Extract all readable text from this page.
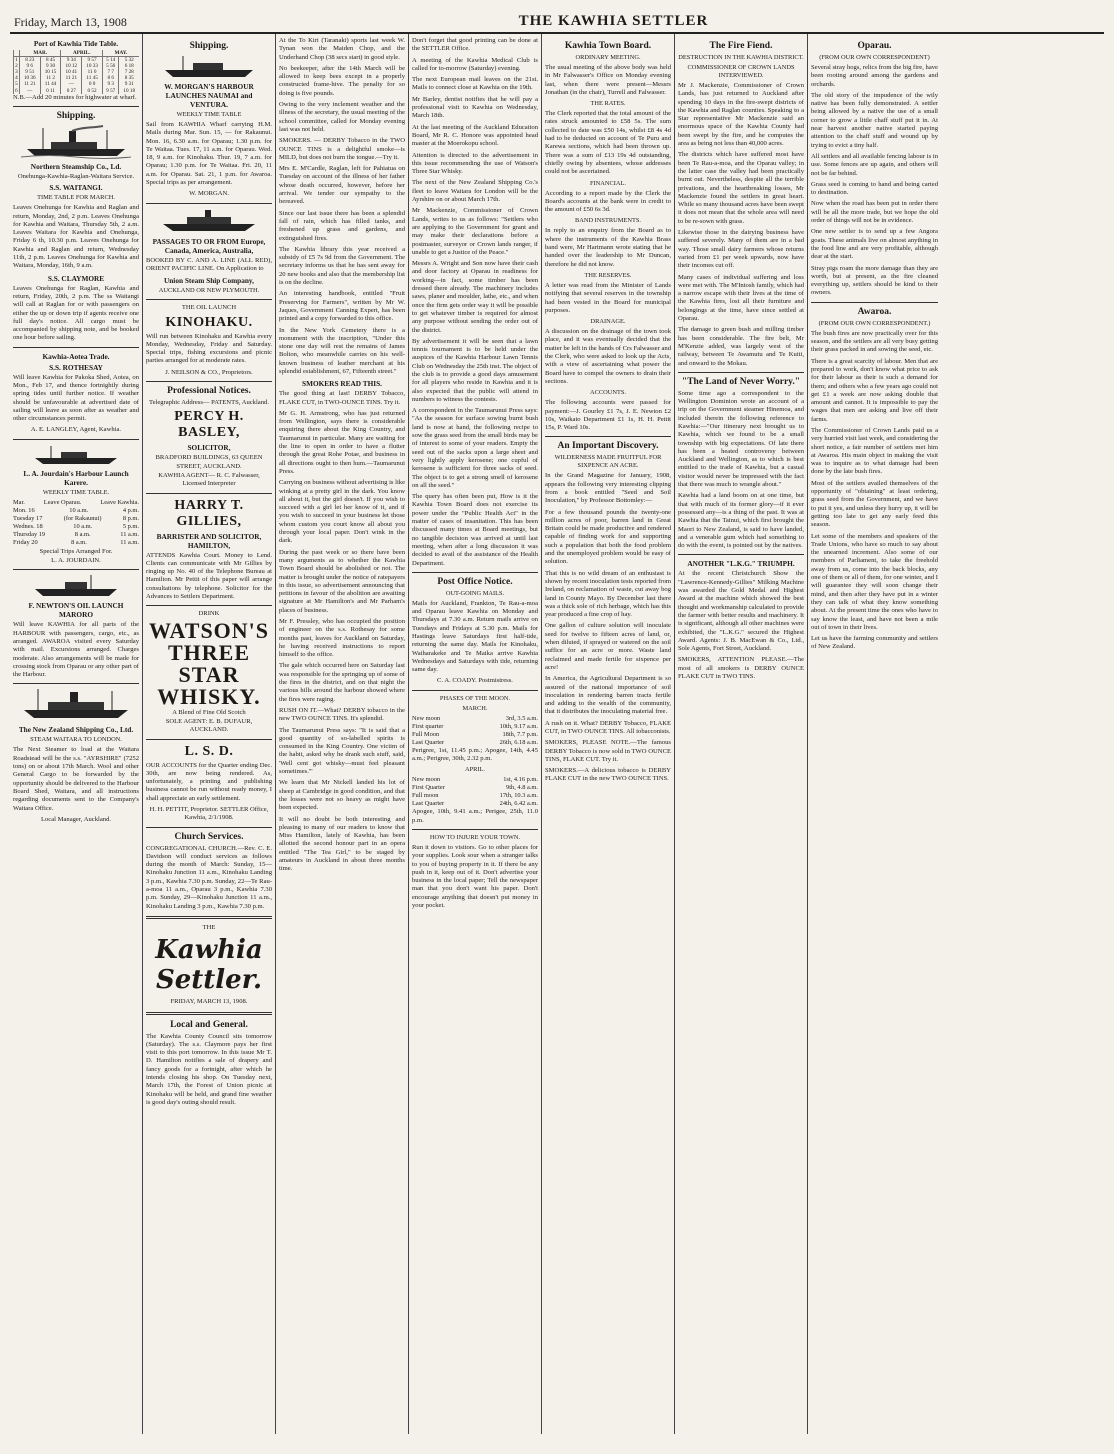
Friday, March 13, 1908	THE KAWHIA SETTLER
Port of Kawhia Tide Table.
	MAR.		APRIL.		MAY.	
1	8 23	8 45	9 34	9 57	5 14	5 32
2	9 6	9 30	10 12	10 33	5 56	6 18
3	9 51	10 15	10 41	11 0	7 7	7 28
4	10 36	11 2	11 21	11 45	8 6	8 35
5	11 21	11 44	—	0 0	9 3	9 31
6	—	0 11	0 27	0 52	9 57	10 18

N.B.—Add 20 minutes for highwater at wharf.

Shipping.
Northern Steamship Co., Ld.
Onehunga-Kawhia-Raglan-Waitara Service.
S.S. WAITANGI.
TIME TABLE FOR MARCH.

Leaves Onehunga for Kawhia and Raglan and return, Monday, 2nd, 2 p.m. Leaves Onehunga for Kawhia and Waitara, Thursday 5th, 2 a.m. Leaves Waitara for Kawhia and Onehunga, Friday 6 th, 10.30 p.m. Leaves Onehunga for Kawhia and Raglan and return, Wednesday 11th, 2 p.m. Leaves Onehunga for Kawhia and Waitara, Monday, 16th, 9 a.m.

S.S. CLAYMORE

Leaves Onehunga for Raglan, Kawhia and return, Friday, 20th, 2 p.m. The ss Waitangi will call at Raglan for or with passengers on either the up or down trip if agents receive one full day's notice. All cargo must be accompanied by shipping note, and be booked one hour before sailing.

Kawhia-Aotea Trade.
S.S. ROTHESAY

Will leave Kawhia for Pakoka Shed, Aotea, on Mon., Feb 17, and thence fortnightly during spring tides until further notice. If weather should be unfavourable at advertised date of sailing will leave as soon after as weather and other circumstances permit.

A. E. LANGLEY, Agent, Kawhia.
L. A. Jourdain's Harbour Launch Karere.
WEEKLY TIME TABLE.
Mar.	Leave Oparau.	Leave Kawhia.
Mon. 16	10 a.m.	4 p.m.
Tuesday 17	(for Rakaunui)	8 p.m.
Wednes. 18	10 a.m.	5 p.m.
Thursday 19	8 a.m.	11 a.m.
Friday 20	8 a.m.	11 a.m.
Special Trips Arranged For.
L. A. JOURDAIN.
F. NEWTON'S OIL LAUNCH MARORO

Will leave KAWHIA for all parts of the HARBOUR with passengers, cargo, etc., as arranged. AWAROA visited every Saturday with mail. Excursions arranged. Charges moderate. Also arrangements will be made for crossing stock from Oparau or any other part of the Harbour.

The New Zealand Shipping Co., Ltd.
STEAM WAITARA TO LONDON.

The Next Steamer to load at the Waitara Roadstead will be the s.s. "AYRSHIRE" (7252 tons) on or about 17th March. Wool and other General Cargo to be forwarded by the opportunity should be delivered to the Harbour Board Shed, Waitara, and all instructions regarding documents sent to the Company's Waitara Office.

Local Manager, Auckland.
Shipping.
W. MORGAN'S HARBOUR LAUNCHES NAUMAI and VENTURA.
WEEKLY TIME TABLE

Sail from KAWHIA Wharf carrying H.M. Mails during Mar. Sun. 15, — for Rakaunui. Mon. 16, 6.30 a.m. for Oparau; 1.30 p.m. for Te Waitaa. Tues. 17, 11 a.m. for Oparau. Wed. 18, 9 a.m. for Kinohaku. Thur. 19, 7 a.m. for Oparau; 1.30 p.m. for Te Waitaa. Fri. 20, 11 a.m. for Oparau. Sat. 21, 1 p.m. for Awaroa. Special trips as per arrangement.

W. MORGAN.
PASSAGES TO OR FROM Europe, Canada, America, Australia,

BOOKED BY C. AND A. LINE (ALL RED), ORIENT PACIFIC LINE. On Application to

Union Steam Ship Company,
AUCKLAND OR NEW PLYMOUTH.
THE OIL LAUNCH
KINOHAKU.

Will run between Kinohaku and Kawhia every Monday, Wednesday, Friday and Saturday. Special trips, fishing excursions and picnic parties arranged for at moderate rates.

J. NEILSON & CO., Proprietors.
Professional Notices.
Telegraphic Address— PATENTS, Auckland.
PERCY H. BASLEY,
SOLICITOR,
BRADFORD BUILDINGS, 63 QUEEN STREET, AUCKLAND.
KAWHIA AGENT— R. C. Falwasser, Licensed Interpreter
HARRY T. GILLIES,
BARRISTER AND SOLICITOR, HAMILTON,

ATTENDS Kawhia Court. Money to Lend. Clients can communicate with Mr Gillies by ringing up No. 40 of the Telephone Bureau at Hamilton. Mr Pettit of this paper will arrange consultations by telephone. Solicitor for the Advances to Settlers Department.

DRINK
WATSON'S
THREE STAR
WHISKY.
A Blend of Fine Old Scotch
SOLE AGENT: E. B. DUFAUR, AUCKLAND.
L. S. D.

OUR ACCOUNTS for the Quarter ending Dec. 30th, are now being rendered. As, unfortunately, a printing and publishing business cannot be run without ready money, I shall appreciate an early settlement.

H. H. PETTIT, Proprietor. SETTLER Office, Kawhia, 2/1/1908.
Church Services.

CONGREGATIONAL CHURCH.—Rev. C. E. Davidson will conduct services as follows during the month of March: Sunday, 15—Kinohaku Junction 11 a.m., Kinohaku Landing 3 p.m., Kawhia 7.30 p.m. Sunday, 22—Te Rau-a-moa 11 a.m., Oparau 3 p.m., Kawhia 7.30 p.m. Sunday, 29—Kinohaku Junction 11 a.m., Kinohaku Landing 3 p.m., Kawhia 7.30 p.m.

THE
Kawhia Settler.
FRIDAY, MARCH 13, 1908.
Local and General.

The Kawhia County Council sits tomorrow (Saturday). The s.s. Claymore pays her first visit to this port tomorrow. In this issue Mr T. D. Hamilton notifies a sale of drapery and fancy goods for a fortnight, after which he intends closing his shop. On Tuesday next, March 17th, the Forest of Union picnic at Kinohaku will be held, and grand fine weather is good day's outing should result.

At the To Kiri (Taranaki) sports last week W. Tynan won the Maiden Chop, and the Underhand Chop (38 secs start) in good style.

No beekeeper, after the 14th March will be allowed to keep bees except in a properly constructed frame-hive. The penalty for so doing is five pounds.

Owing to the very inclement weather and the illness of the secretary, the usual meeting of the school committee, called for Monday evening last was not held.

SMOKERS. — DERBY Tobacco in the TWO OUNCE TINS is a delightful smoke—is MILD, but does not burn the tongue.—Try it.

Mrs E. M'Cardle, Raglan, left for Pahiatua on Tuesday on account of the illness of her father whose death occurred, however, before her arrival. We tender our sympathy to the bereaved.

Since our last issue there has been a splendid fall of rain, which has filled tanks, and freshened up grass and gardens, and extinguished fires.

The Kawhia library this year received a subsidy of £5 7s 9d from the Government. The secretary informs us that he has sent away for 20 new books and also that the membership list is on the decline.

An interesting handbook, entitled "Fruit Preserving for Farmers", written by Mr W. Jaques, Government Canning Expert, has been printed and a copy forwarded to this office.

In the New York Cemetery there is a monument with the inscription, "Under this stone one day will rest the remains of James Bolton, who meanwhile carries on his well-known business of leather merchant at his splendid establishment, 67, Fifteenth street."

SMOKERS READ THIS.

The good thing at last! DERBY Tobacco, FLAKE CUT, in TWO-OUNCE TINS. Try it.

Mr G. H. Armstrong, who has just returned from Wellington, says there is considerable enquiring there about the King Country, and Taumarunui in particular. Many are waiting for the line to open in order to have a flutter through the great Rohe Potae, and business in all directions ought to then hum.—Taumarunui Press.

Carrying on business without advertising is like winking at a pretty girl in the dark. You know all about it, but the girl doesn't. If you wish to succeed with a girl let her know of it, and if you wish to succeed in your business let those whom custom you court know all about you through your local paper. Don't wink in the dark.

During the past week or so there have been many arguments as to whether the Kawhia Town Board should be abolished or not. The matter is brought under the notice of ratepayers in this issue, so advertisement announcing that petitions in favour of the abolition are awaiting signature at Mr Hamilton's and Mr Parham's places of business.

Mr F. Pressley, who has occupied the position of engineer on the s.s. Rothesay for some months past, leaves for Auckland on Saturday, he having received instructions to report himself to the office.

The gale which occurred here on Saturday last was responsible for the springing up of some of the fires in the district, and on that night the various hills around the harbour showed where the fires were raging.

RUSH ON IT.—What? DERBY tobacco in the new TWO OUNCE TINS. It's splendid.

The Taumarunui Press says: "It is said that a good quantity of so-labelled spirits is consumed in the King Country. One victim of the habit, asked why he drank such stuff, said, 'Well cent got whisky—must feel pleasant sometimes.'"

We learn that Mr Nickell landed his lot of sheep at Cambridge in good condition, and that the losses were not so heavy as might have been expected.

It will no doubt be both interesting and pleasing to many of our readers to know that Miss Hamilton, lately of Kawhia, has been allotted the second honour part in an opera entitled "The Tea Girl," to be staged by amateurs in Auckland in about three months time.

Don't forget that good printing can be done at the SETTLER Office.

A meeting of the Kawhia Medical Club is called for to-morrow (Saturday) evening.

The next European mail leaves on the 21st. Mails to connect close at Kawhia on the 19th.

Mr Barley, dentist notifies that he will pay a professional visit to Kawhia on Wednesday, March 18th.

At the last meeting of the Auckland Education Board, Mr R. C. Honore was appointed head master at the Moerokopu school.

Attention is directed to the advertisement in this issue recommending the use of Watson's Three Star Whisky.

The next of the New Zealand Shipping Co.'s fleet to leave Waitara for London will be the Ayrshire on or about March 17th.

Mr Mackenzie, Commissioner of Crown Lands, writes to us as follows: "Settlers who are applying to the Government for grant and may make their declarations before a postmaster, surveyor or Crown lands ranger, if unable to get a Justice of the Peace."

Messrs A. Wright and Son now have their cash and door factory at Oparau in readiness for working—in fact, some timber has been dressed there already. The machinery includes saws, planer and moulder, lathe, etc., and when once the firm gets order way it will be possible to get whatever timber is required for almost any purpose without sending the order out of the district.

By advertisement it will be seen that a lawn tennis tournament is to be held under the auspices of the Kawhia Harbour Lawn Tennis Club on Wednesday the 25th inst. The object of the club is to provide a good days amusement for all players who reside in Kawhia and it is also expected that the public will attend in numbers to witness the contests.

A correspondent in the Taumarunui Press says: "As the season for surface sowing burnt bush land is now at hand, the following recipe to sow the grass seed from the small birds may be of interest to some of your readers. Empty the seed out of the sacks upon a large sheet and very lightly apply kerosene; one cupful of kerosene is sufficient for three sacks of seed. The object is to get a strong smell of kerosene on all the seed."

The query has often been put, How is it the Kawhia Town Board does not exercise its power under the "Public Health Act" in the matter of cases of insanitation. This has been discussed many times at Board meetings, but no tangible decision was arrived at until last meeting, when after a long discussion it was decided to avail of the assistance of the Health Department.

Post Office Notice.
OUT-GOING MAILS.

Mails for Auckland, Frankton, Te Rau-a-moa and Oparau leave Kawhia on Monday and Thursdays at 7.30 a.m. Return mails arrive on Tuesdays and Fridays at 5.30 p.m. Mails for Hastings leave Saturdays first half-tide, returning the same day. Mails for Kinohaku, Waiharakeke and Te Maika arrive Kawhia Wednesdays and Saturdays with tide, returning same day.

C. A. COADY. Postmistress.
PHASES OF THE MOON.
MARCH.
New moon	3rd, 3.5 a.m.
First quarter	10th, 9.17 a.m.
Full Moon	18th, 7.7 p.m.
Last Quarter	26th, 6.18 a.m.

Perigree, 1st, 11.45 p.m.; Apogee, 14th, 4.45 a.m.; Perigree, 30th, 2.32 p.m.

APRIL.
New moon	1st, 4.16 p.m.
First Quarter	9th, 4.8 a.m.
Full moon	17th, 10.3 a.m.
Last Quarter	24th, 6.42 a.m.

Apogee, 10th, 9.41 a.m.; Perigee, 25th, 11.0 p.m.

HOW TO INJURE YOUR TOWN.

Run it down to visitors. Go to other places for your supplies. Look sour when a stranger talks to you of buying property in it. If there be any push in it, keep out of it. Don't advertise your business in the local paper; Tell the newspaper man that you don't want his paper. Don't encourage anything that doesn't put money in your pocket.

Kawhia Town Board.
ORDINARY MEETING.

The usual meeting of the above body was held in Mr Falwasser's Office on Monday evening last, when there were present—Messrs Jonathan (in the chair), Turrell and Falwasser.

THE RATES.

The Clerk reported that the total amount of the rates struck amounted to £58 5s. The sum collected to date was £50 14s, whilst £8 4s 4d had to be deducted on account of Te Puru and Karewa sections, which had been thrown up. There was a sum of £13 19s 4d outstanding, chiefly owing by absentees, whose addresses could not be ascertained.

FINANCIAL.

According to a report made by the Clerk the Board's accounts at the bank were in credit to the amount of £50 6s 3d.

BAND INSTRUMENTS.

In reply to an enquiry from the Board as to where the instruments of the Kawhia Brass band were, Mr Hartmann wrote stating that he handed over the leadership to Mr Duncan, therefore he did not know.

THE RESERVES.

A letter was read from the Minister of Lands notifying that several reserves in the township had been vested in the Board for municipal purposes.

DRAINAGE.

A discussion on the drainage of the town took place, and it was eventually decided that the matter be left in the hands of Crs Falwasser and the Clerk, who were asked to look up the Acts, with a view of ascertaining what power the Board have to compel the owners to drain their sections.

ACCOUNTS.

The following accounts were passed for payment:—J. Gourley £1 7s, J. E. Newton £2 10s, Waikato Department £1 1s, H. H. Pettit 15s, P. Ward 10s.

An Important Discovery.
WILDERNESS MADE FRUITFUL FOR SIXPENCE AN ACRE.

In the Grand Magazine for January, 1908, appears the following very interesting clipping from a book entitled "Seed and Soil Inoculation," by Professor Bottomley:—

For a few thousand pounds the twenty-one million acres of poor, barren land in Great Britain could be made productive and rendered capable of finding work for and supporting such a population that both the food problem and the unemployed problem would be easy of solution.

That this is no wild dream of an enthusiast is shown by recent inoculation tests reported from Ireland, on reclamation of waste, cut away bog land in County Mayo. By December last there was a thick sole of rich herbage, which has this year produced a fine crop of hay.

One gallon of culture solution will inoculate seed for twelve to fifteen acres of land, or, when diluted, if sprayed or watered on the soil suffice for an acre or more. Waste land reclaimed and made fertile for sixpence per acre!

In America, the Agricultural Department is so assured of the national importance of soil inoculation in rendering barren tracts fertile and adding to the wealth of the community, that it distributes the inoculating material free.

A rush on it. What? DERBY Tobacco, FLAKE CUT, in TWO OUNCE TINS. All tobacconists.

SMOKERS, PLEASE NOTE.—The famous DERBY Tobacco is now sold in TWO OUNCE TINS, FLAKE CUT. Try it.

SMOKERS.—A delicious tobacco is DERBY FLAKE CUT in the new TWO OUNCE TINS.

The Fire Fiend.
DESTRUCTION IN THE KAWHIA DISTRICT.
COMMISSIONER OF CROWN LANDS INTERVIEWED.

Mr J. Mackenzie, Commissioner of Crown Lands, has just returned to Auckland after spending 10 days in the fire-swept districts of the Kawhia and Raglan counties. Speaking to a Star representative Mr Mackenzie said an enormous space of the Kawhia County had been swept by the fire, and he computes the area as being not less than 40,000 acres.

The districts which have suffered most have been Te Rau-a-moa, and the Oparau valley; in the latter case the valley had been practically burnt out. Nevertheless, despite all the terrible privations, and the heartbreaking losses, Mr Mackenzie found the settlers in great heart. While so many thousand acres have been swept it does not mean that the whole area will need to be re-sown with grass.

Likewise those in the dairying business have suffered severely. Many of them are in a bad way. Those small dairy farmers whose returns varied from £1 per week upwards, now have their incomes cut off.

Many cases of individual suffering and loss were met with. The M'Intosh family, which had a narrow escape with their lives at the time of the Kawhia fires, lost all their furniture and belongings at the time, have since settled at Oparau.

The damage to green bush and milling timber has been considerable. The fire belt, Mr M'Kenzie added, was largely west of the railway, between Te Awamutu and Te Kuiti, and onward to the Mokau.

"The Land of Never Worry."

Some time ago a correspondent to the Wellington Dominion wrote an account of a trip on the Government steamer Hinemoa, and included therein the following reference to Kawhia:—"Our itinerary next brought us to Kawhia, which we found to be a small township with big expectations. Of late there has been a heated controversy between Auckland and Wellington, as to which is best entitled to the trade of Kawhia, but a casual visitor would never be impressed with the fact that there was much to wrangle about."

Kawhia had a land boom on at one time, but that with much of its former glory—if it ever possessed any—is a thing of the past. It was at Kawhia that the Tainui, which first brought the Maori to New Zealand, is said to have landed, and a venerable gum which had something to do with the event, is pointed out by the natives.

ANOTHER "L.K.G." TRIUMPH.

At the recent Christchurch Show the "Lawrence-Kennedy-Gillies" Milking Machine was awarded the Gold Medal and Highest Award at the machine which showed the best thought and workmanship calculated to provide the farmer with better results and machinery. It is significant, although all other machines were exhibited, the "L.K.G." secured the Highest Award. Agents: J. B. MacEwan & Co., Ltd., Sole Agents, Fort Street, Auckland.

SMOKERS, ATTENTION PLEASE.—The most of all smokers is DERBY OUNCE FLAKE CUT in TWO TINS.

Oparau.
(FROM OUR OWN CORRESPONDENT)

Several stray hogs, relics from the big fire, have been rooting around among the gardens and orchards.

The old story of the impudence of the wily native has been fully demonstrated. A settler being allowed by a native the use of a small corner to grow a little chaff stuff put it in. At near harvest another native started paying attention to the chaff stuff and wound up by trying to evict a tiny half.

All settlers and all available fencing labour is in use. Some fences are up again, and others will not be far behind.

Grass seed is coming to hand and being carted to destination.

Now when the road has been put in order there will be all the more trade, but we hope the old order of things will not be in evidence.

One new settler is to send up a few Angora goats. These animals live on almost anything in the food line and are very profitable, although dear at the start.

Stray pigs roam the more damage than they are worth, but at present, as the fire cleaned everything up, settlers should be kind to their owners.

Awaroa.
(FROM OUR OWN CORRESPONDENT.)

The bush fires are now practically over for this season, and the settlers are all very busy getting their grass packed in and sowing the seed, etc.

There is a great scarcity of labour. Men that are prepared to work, don't know what price to ask for their labour as their is such a demand for them; and others who a few years ago could not get £1 a week are now asking double that amount and cannot. It is impossible to pay the wages that men are asking and live off their farms.

The Commissioner of Crown Lands paid us a very hurried visit last week, and considering the short notice, a fair number of settlers met him at Awaroa. His main object in making the visit was to inquire as to what damage had been done by the late bush fires.

Most of the settlers availed themselves of the opportunity of "obtaining" at least ordering, grass seed from the Government, and we have to put it yes, and unless they hurry up, it will be getting too late to get any early feed this season.

Let some of the members and speakers of the Trade Unions, who have so much to say about the unearned increment. Also some of our members of Parliament, to take the freehold away from us, come into the back blocks, any one of them or all of them, for one winter, and I will guarantee they will soon change their mind, and then after they have put in a winter they can talk of what they know something about. At the present time the ones who have to say know the least, and have not been a mile out of town in their lives.

Let us have the farming community and settlers of New Zealand.
